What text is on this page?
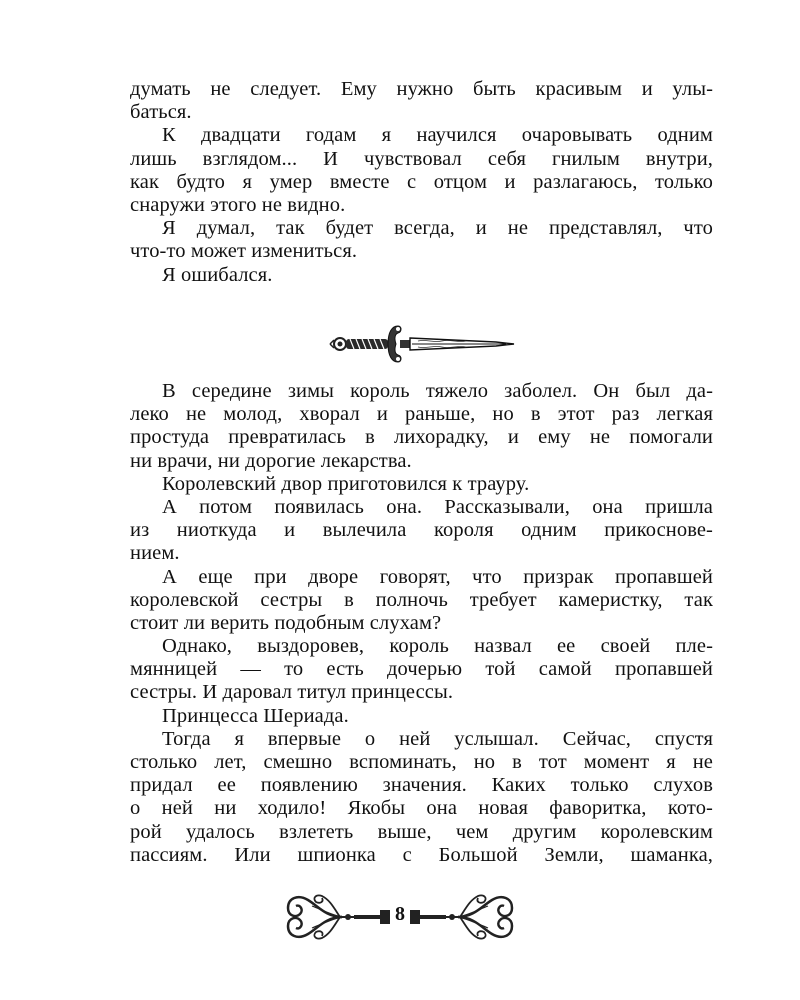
думать не следует. Ему нужно быть красивым и улы-
баться.
К двадцати годам я научился очаровывать одним
лишь взглядом... И чувствовал себя гнилым внутри,
как будто я умер вместе с отцом и разлагаюсь, только
снаружи этого не видно.
Я думал, так будет всегда, и не представлял, что
что-то может измениться.
Я ошибался.
В середине зимы король тяжело заболел. Он был да-
леко не молод, хворал и раньше, но в этот раз легкая
простуда превратилась в лихорадку, и ему не помогали
ни врачи, ни дорогие лекарства.
Королевский двор приготовился к трауру.
А потом появилась она. Рассказывали, она пришла
из ниоткуда и вылечила короля одним прикоснове-
нием.
А еще при дворе говорят, что призрак пропавшей
королевской сестры в полночь требует камеристку, так
стоит ли верить подобным слухам?
Однако, выздоровев, король назвал ее своей пле-
мянницей — то есть дочерью той самой пропавшей
сестры. И даровал титул принцессы.
Принцесса Шериада.
Тогда я впервые о ней услышал. Сейчас, спустя
столько лет, смешно вспоминать, но в тот момент я не
придал ее появлению значения. Каких только слухов
о ней ни ходило! Якобы она новая фаворитка, кото-
рой удалось взлететь выше, чем другим королевским
пассиям. Или шпионка с Большой Земли, шаманка,
8
